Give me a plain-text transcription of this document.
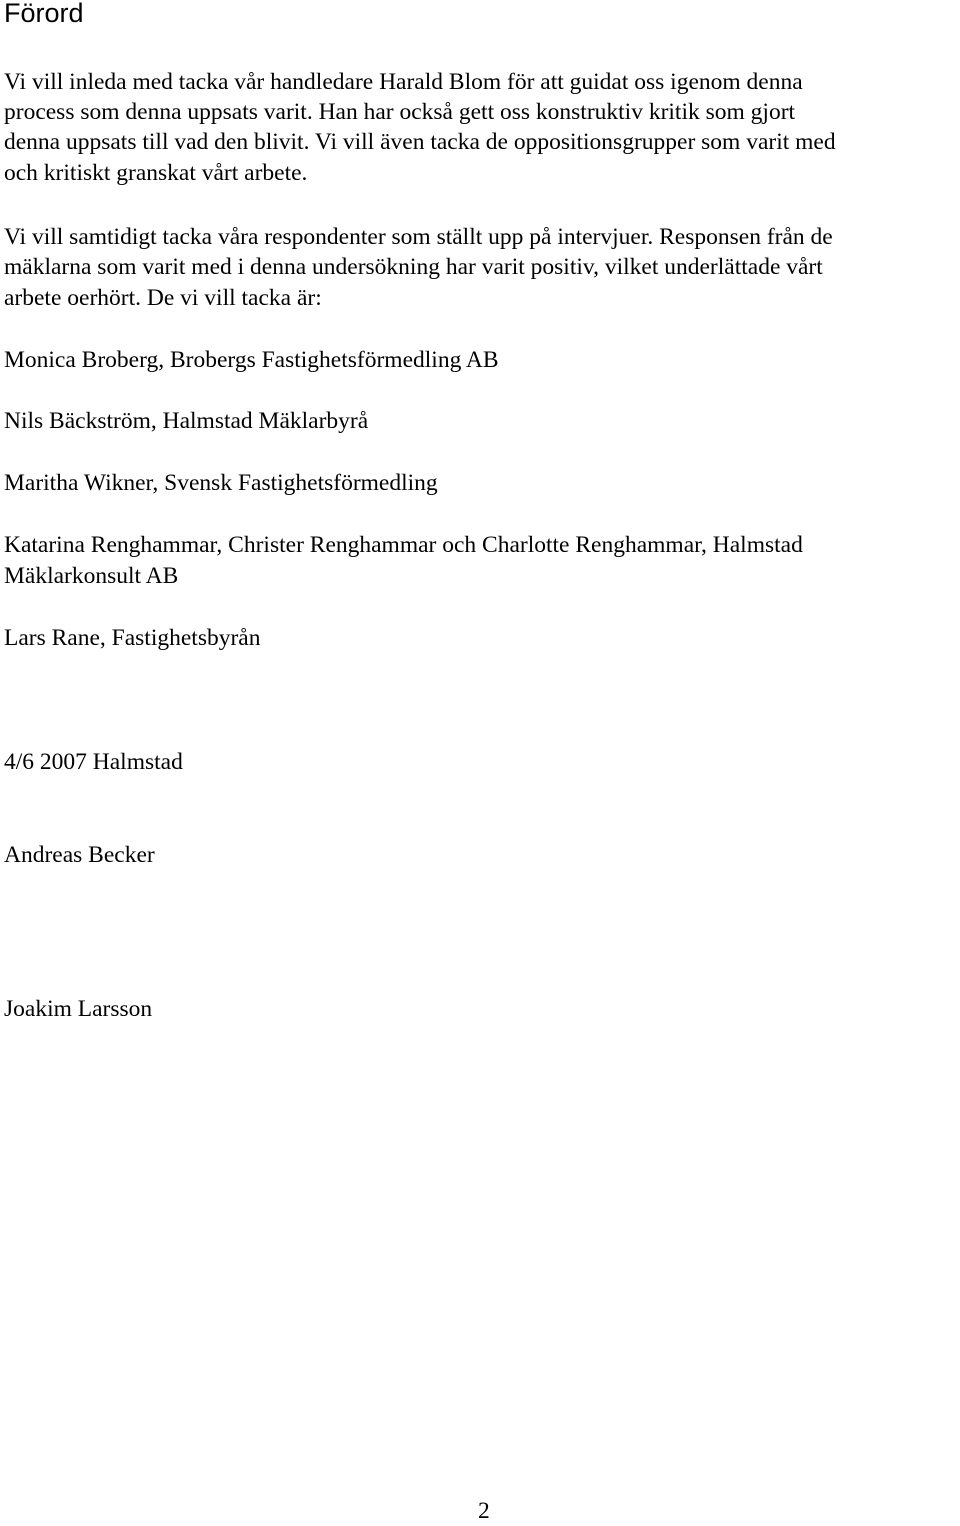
Förord

Vi vill inleda med tacka vår handledare Harald Blom för att guidat oss igenom denna

process som denna uppsats varit. Han har också gett oss konstruktiv kritik som gjort

denna uppsats till vad den blivit. Vi vill även tacka de oppositionsgrupper som varit med

och kritiskt granskat vårt arbete.

Vi vill samtidigt tacka våra respondenter som ställt upp på intervjuer. Responsen från de

mäklarna som varit med i denna undersökning har varit positiv, vilket underlättade vårt

arbete oerhört. De vi vill tacka är:

Monica Broberg, Brobergs Fastighetsförmedling AB

Nils Bäckström, Halmstad Mäklarbyrå

Maritha Wikner, Svensk Fastighetsförmedling

Katarina Renghammar, Christer Renghammar och Charlotte Renghammar, Halmstad

Mäklarkonsult AB

Lars Rane, Fastighetsbyrån

4/6 2007 Halmstad

Andreas Becker

Joakim Larsson

2
